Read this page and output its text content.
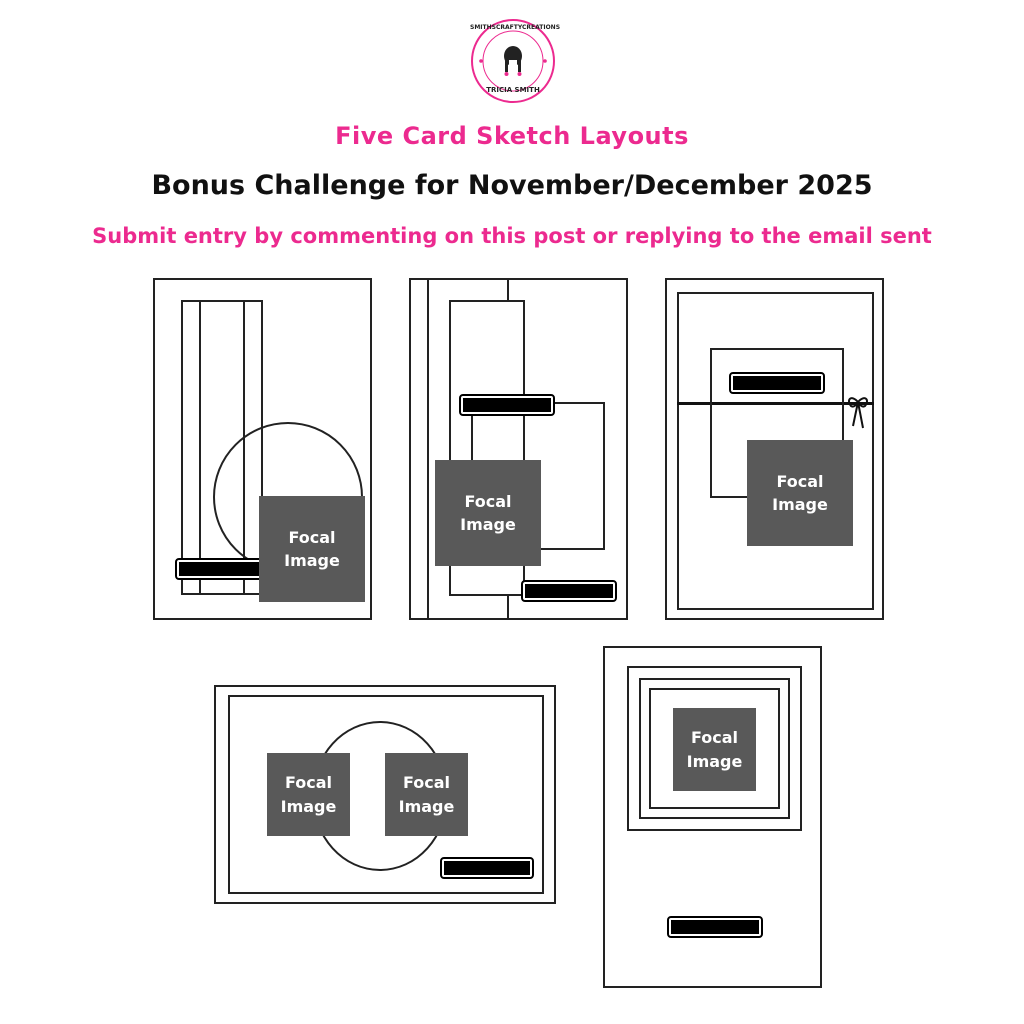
SMITHSCRAFTYCREATIONS
TRICIA SMITH
Five Card Sketch Layouts
Bonus Challenge for November/December 2025
Submit entry by commenting on this post or replying to the email sent
Focal
Image
Focal
Image
Focal
Image
Focal
Image
Focal
Image
Focal
Image
